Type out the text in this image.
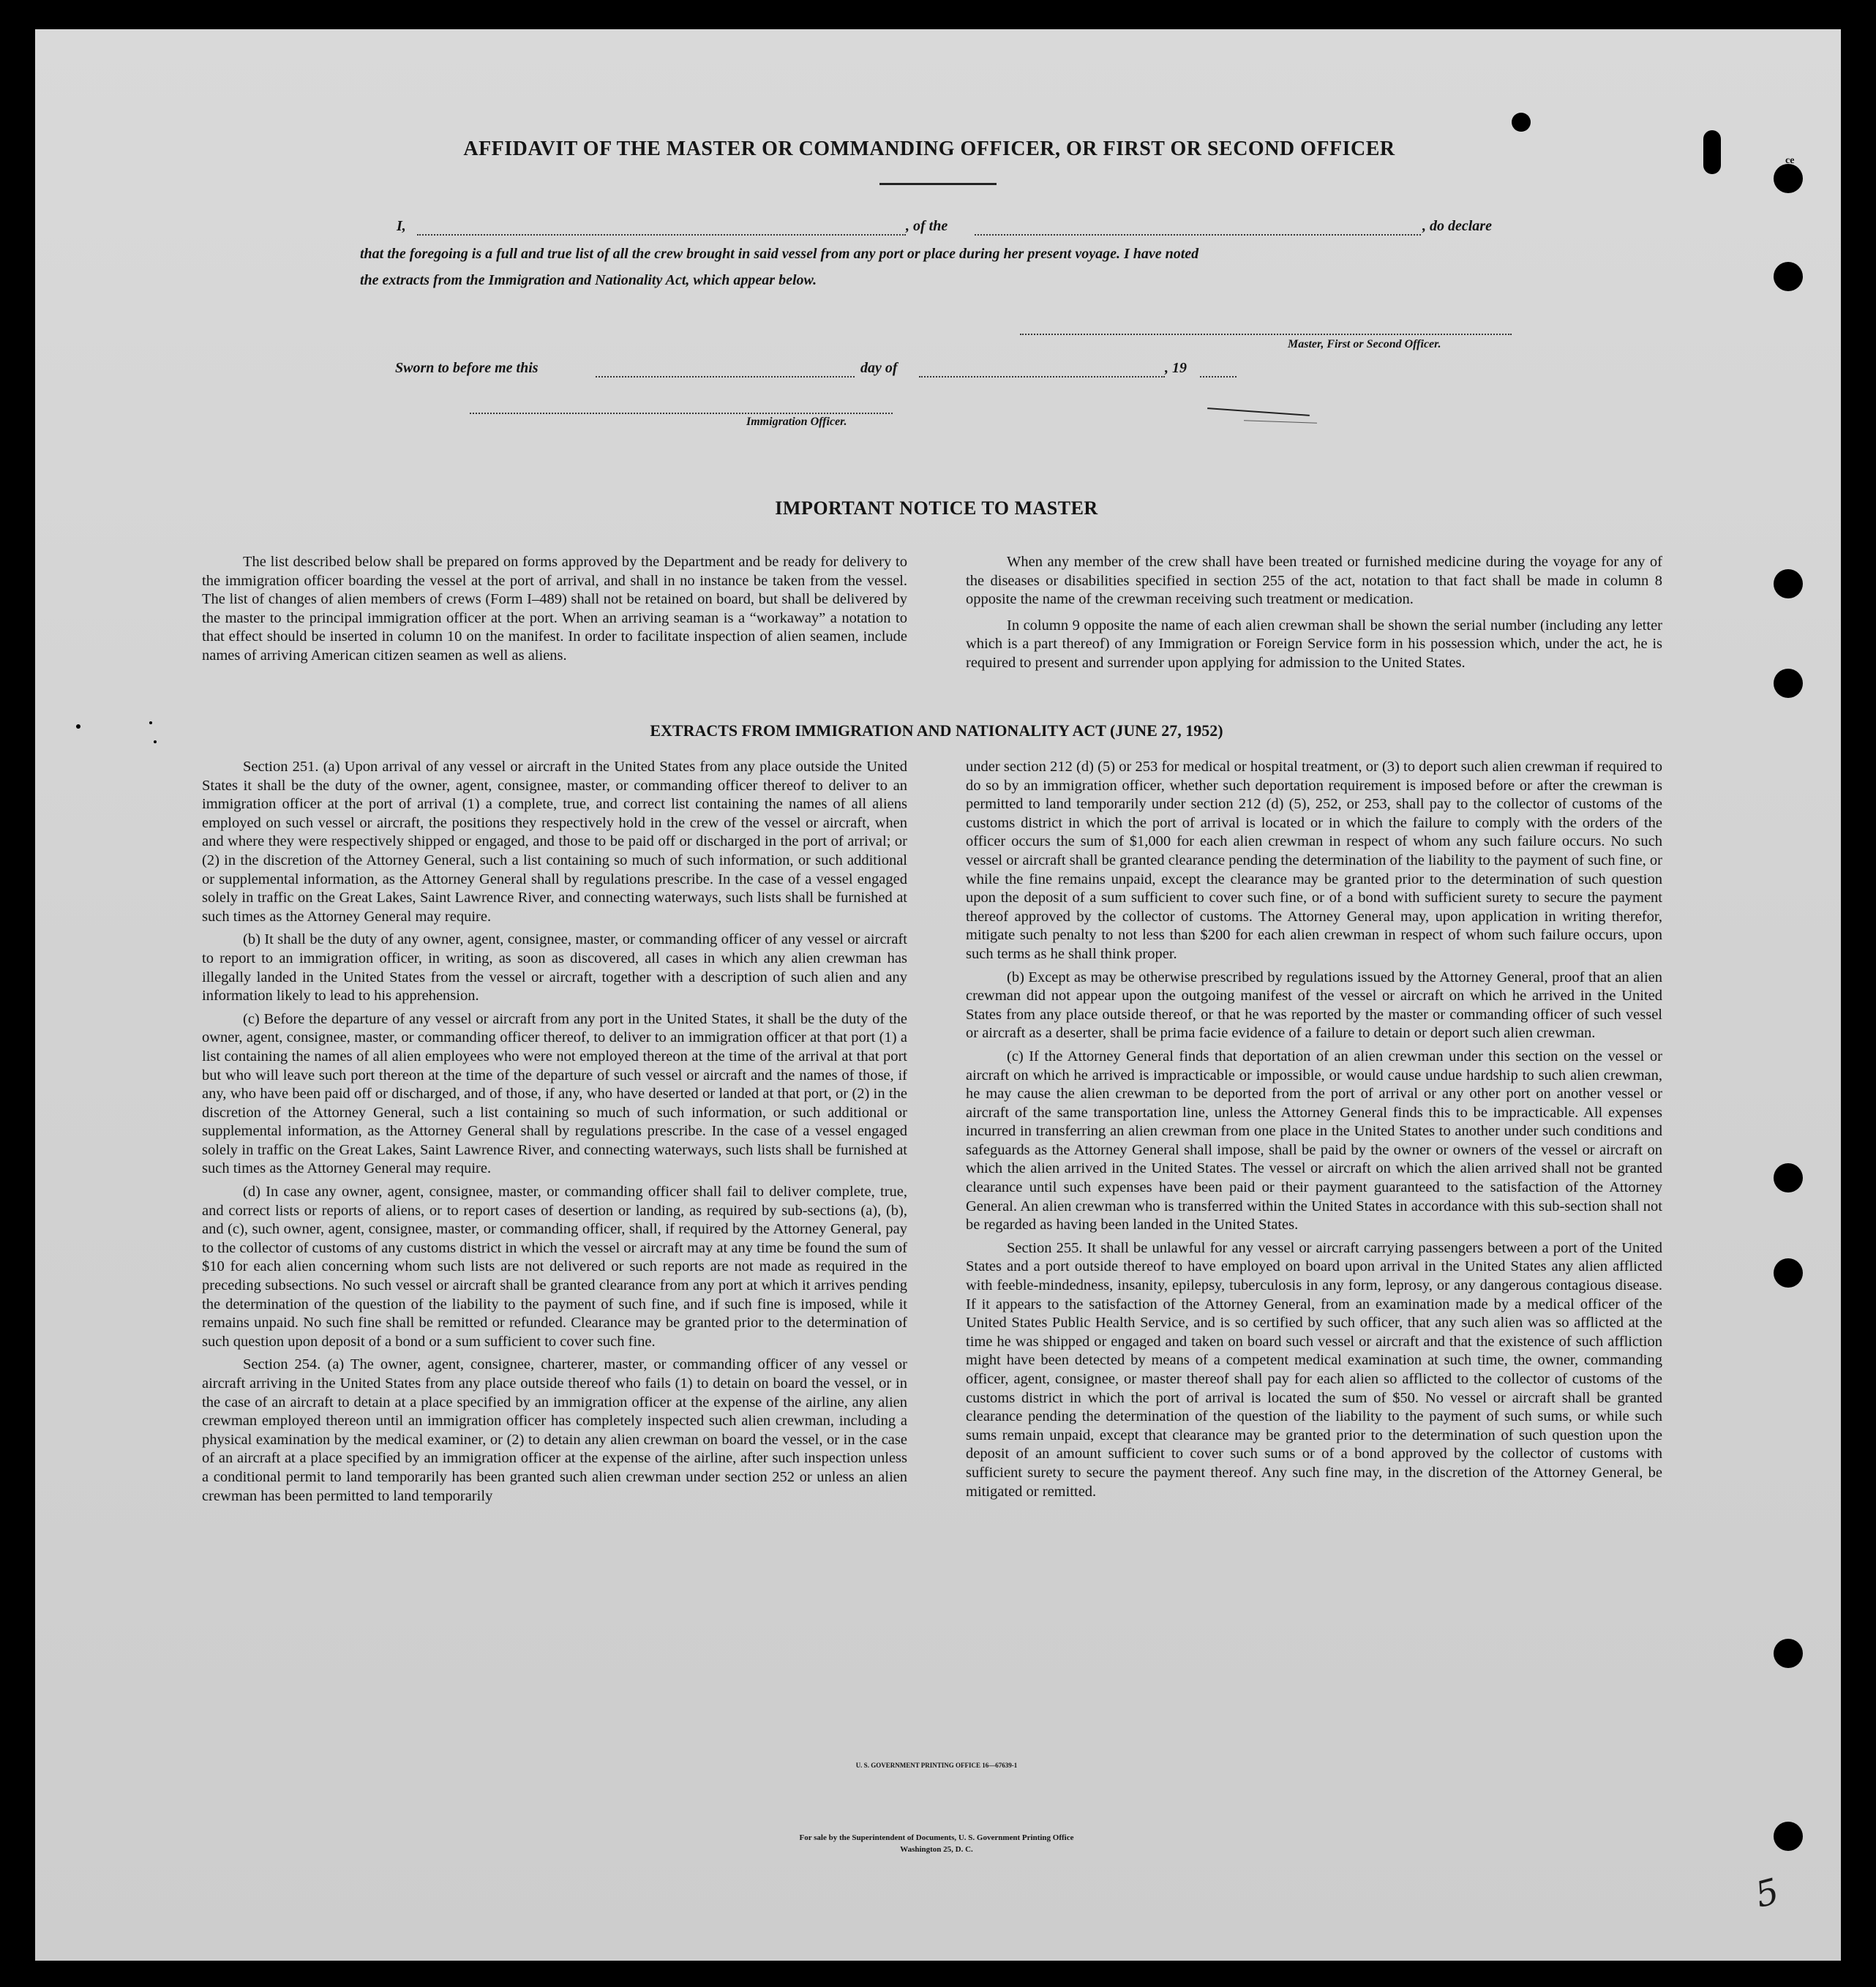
ce
AFFIDAVIT OF THE MASTER OR COMMANDING OFFICER, OR FIRST OR SECOND OFFICER
I,	, of the	, do declare
that the foregoing is a full and true list of all the crew brought in said vessel from any port or place during her present voyage. I have noted
the extracts from the Immigration and Nationality Act, which appear below.
Master, First or Second Officer.
Sworn to before me this	day of	, 19
Immigration Officer.
IMPORTANT NOTICE TO MASTER

The list described below shall be prepared on forms approved by the Department and be ready for delivery to the immigration officer boarding the vessel at the port of arrival, and shall in no instance be taken from the vessel. The list of changes of alien members of crews (Form I–489) shall not be retained on board, but shall be delivered by the master to the principal immigration officer at the port. When an arriving seaman is a “workaway” a notation to that effect should be inserted in column 10 on the manifest. In order to facilitate inspection of alien seamen, include names of arriving American citizen seamen as well as aliens.

When any member of the crew shall have been treated or furnished medicine during the voyage for any of the diseases or disabilities specified in section 255 of the act, notation to that fact shall be made in column 8 opposite the name of the crewman receiving such treatment or medication.

In column 9 opposite the name of each alien crewman shall be shown the serial number (including any letter which is a part thereof) of any Immigration or Foreign Service form in his possession which, under the act, he is required to present and surrender upon applying for admission to the United States.

EXTRACTS FROM IMMIGRATION AND NATIONALITY ACT (JUNE 27, 1952)

Section 251. (a) Upon arrival of any vessel or aircraft in the United States from any place outside the United States it shall be the duty of the owner, agent, consignee, master, or commanding officer thereof to deliver to an immigration officer at the port of arrival (1) a complete, true, and correct list containing the names of all aliens employed on such vessel or aircraft, the positions they respectively hold in the crew of the vessel or aircraft, when and where they were respectively shipped or engaged, and those to be paid off or discharged in the port of arrival; or (2) in the discretion of the Attorney General, such a list containing so much of such information, or such additional or supplemental information, as the Attorney General shall by regulations prescribe. In the case of a vessel engaged solely in traffic on the Great Lakes, Saint Lawrence River, and connecting waterways, such lists shall be furnished at such times as the Attorney General may require.

(b) It shall be the duty of any owner, agent, consignee, master, or commanding officer of any vessel or aircraft to report to an immigration officer, in writing, as soon as discovered, all cases in which any alien crewman has illegally landed in the United States from the vessel or aircraft, together with a description of such alien and any information likely to lead to his apprehension.

(c) Before the departure of any vessel or aircraft from any port in the United States, it shall be the duty of the owner, agent, consignee, master, or commanding officer thereof, to deliver to an immigration officer at that port (1) a list containing the names of all alien employees who were not employed thereon at the time of the arrival at that port but who will leave such port thereon at the time of the departure of such vessel or aircraft and the names of those, if any, who have been paid off or discharged, and of those, if any, who have deserted or landed at that port, or (2) in the discretion of the Attorney General, such a list containing so much of such information, or such additional or supplemental information, as the Attorney General shall by regulations prescribe. In the case of a vessel engaged solely in traffic on the Great Lakes, Saint Lawrence River, and connecting waterways, such lists shall be furnished at such times as the Attorney General may require.

(d) In case any owner, agent, consignee, master, or commanding officer shall fail to deliver complete, true, and correct lists or reports of aliens, or to report cases of desertion or landing, as required by sub-sections (a), (b), and (c), such owner, agent, consignee, master, or commanding officer, shall, if required by the Attorney General, pay to the collector of customs of any customs district in which the vessel or aircraft may at any time be found the sum of $10 for each alien concerning whom such lists are not delivered or such reports are not made as required in the preceding subsections. No such vessel or aircraft shall be granted clearance from any port at which it arrives pending the determination of the question of the liability to the payment of such fine, and if such fine is imposed, while it remains unpaid. No such fine shall be remitted or refunded. Clearance may be granted prior to the determination of such question upon deposit of a bond or a sum sufficient to cover such fine.

Section 254. (a) The owner, agent, consignee, charterer, master, or commanding officer of any vessel or aircraft arriving in the United States from any place outside thereof who fails (1) to detain on board the vessel, or in the case of an aircraft to detain at a place specified by an immigration officer at the expense of the airline, any alien crewman employed thereon until an immigration officer has completely inspected such alien crewman, including a physical examination by the medical examiner, or (2) to detain any alien crewman on board the vessel, or in the case of an aircraft at a place specified by an immigration officer at the expense of the airline, after such inspection unless a conditional permit to land temporarily has been granted such alien crewman under section 252 or unless an alien crewman has been permitted to land temporarily

under section 212 (d) (5) or 253 for medical or hospital treatment, or (3) to deport such alien crewman if required to do so by an immigration officer, whether such deportation requirement is imposed before or after the crewman is permitted to land temporarily under section 212 (d) (5), 252, or 253, shall pay to the collector of customs of the customs district in which the port of arrival is located or in which the failure to comply with the orders of the officer occurs the sum of $1,000 for each alien crewman in respect of whom any such failure occurs. No such vessel or aircraft shall be granted clearance pending the determination of the liability to the payment of such fine, or while the fine remains unpaid, except the clearance may be granted prior to the determination of such question upon the deposit of a sum sufficient to cover such fine, or of a bond with sufficient surety to secure the payment thereof approved by the collector of customs. The Attorney General may, upon application in writing therefor, mitigate such penalty to not less than $200 for each alien crewman in respect of whom such failure occurs, upon such terms as he shall think proper.

(b) Except as may be otherwise prescribed by regulations issued by the Attorney General, proof that an alien crewman did not appear upon the outgoing manifest of the vessel or aircraft on which he arrived in the United States from any place outside thereof, or that he was reported by the master or commanding officer of such vessel or aircraft as a deserter, shall be prima facie evidence of a failure to detain or deport such alien crewman.

(c) If the Attorney General finds that deportation of an alien crewman under this section on the vessel or aircraft on which he arrived is impracticable or impossible, or would cause undue hardship to such alien crewman, he may cause the alien crewman to be deported from the port of arrival or any other port on another vessel or aircraft of the same transportation line, unless the Attorney General finds this to be impracticable. All expenses incurred in transferring an alien crewman from one place in the United States to another under such conditions and safeguards as the Attorney General shall impose, shall be paid by the owner or owners of the vessel or aircraft on which the alien arrived in the United States. The vessel or aircraft on which the alien arrived shall not be granted clearance until such expenses have been paid or their payment guaranteed to the satisfaction of the Attorney General. An alien crewman who is transferred within the United States in accordance with this sub-section shall not be regarded as having been landed in the United States.

Section 255. It shall be unlawful for any vessel or aircraft carrying passengers between a port of the United States and a port outside thereof to have employed on board upon arrival in the United States any alien afflicted with feeble-mindedness, insanity, epilepsy, tuberculosis in any form, leprosy, or any dangerous contagious disease. If it appears to the satisfaction of the Attorney General, from an examination made by a medical officer of the United States Public Health Service, and is so certified by such officer, that any such alien was so afflicted at the time he was shipped or engaged and taken on board such vessel or aircraft and that the existence of such affliction might have been detected by means of a competent medical examination at such time, the owner, commanding officer, agent, consignee, or master thereof shall pay for each alien so afflicted to the collector of customs of the customs district in which the port of arrival is located the sum of $50. No vessel or aircraft shall be granted clearance pending the determination of the question of the liability to the payment of such sums, or while such sums remain unpaid, except that clearance may be granted prior to the determination of such question upon the deposit of an amount sufficient to cover such sums or of a bond approved by the collector of customs with sufficient surety to secure the payment thereof. Any such fine may, in the discretion of the Attorney General, be mitigated or remitted.

U. S. GOVERNMENT PRINTING OFFICE 16—67639-1
For sale by the Superintendent of Documents, U. S. Government Printing Office
Washington 25, D. C.
5
